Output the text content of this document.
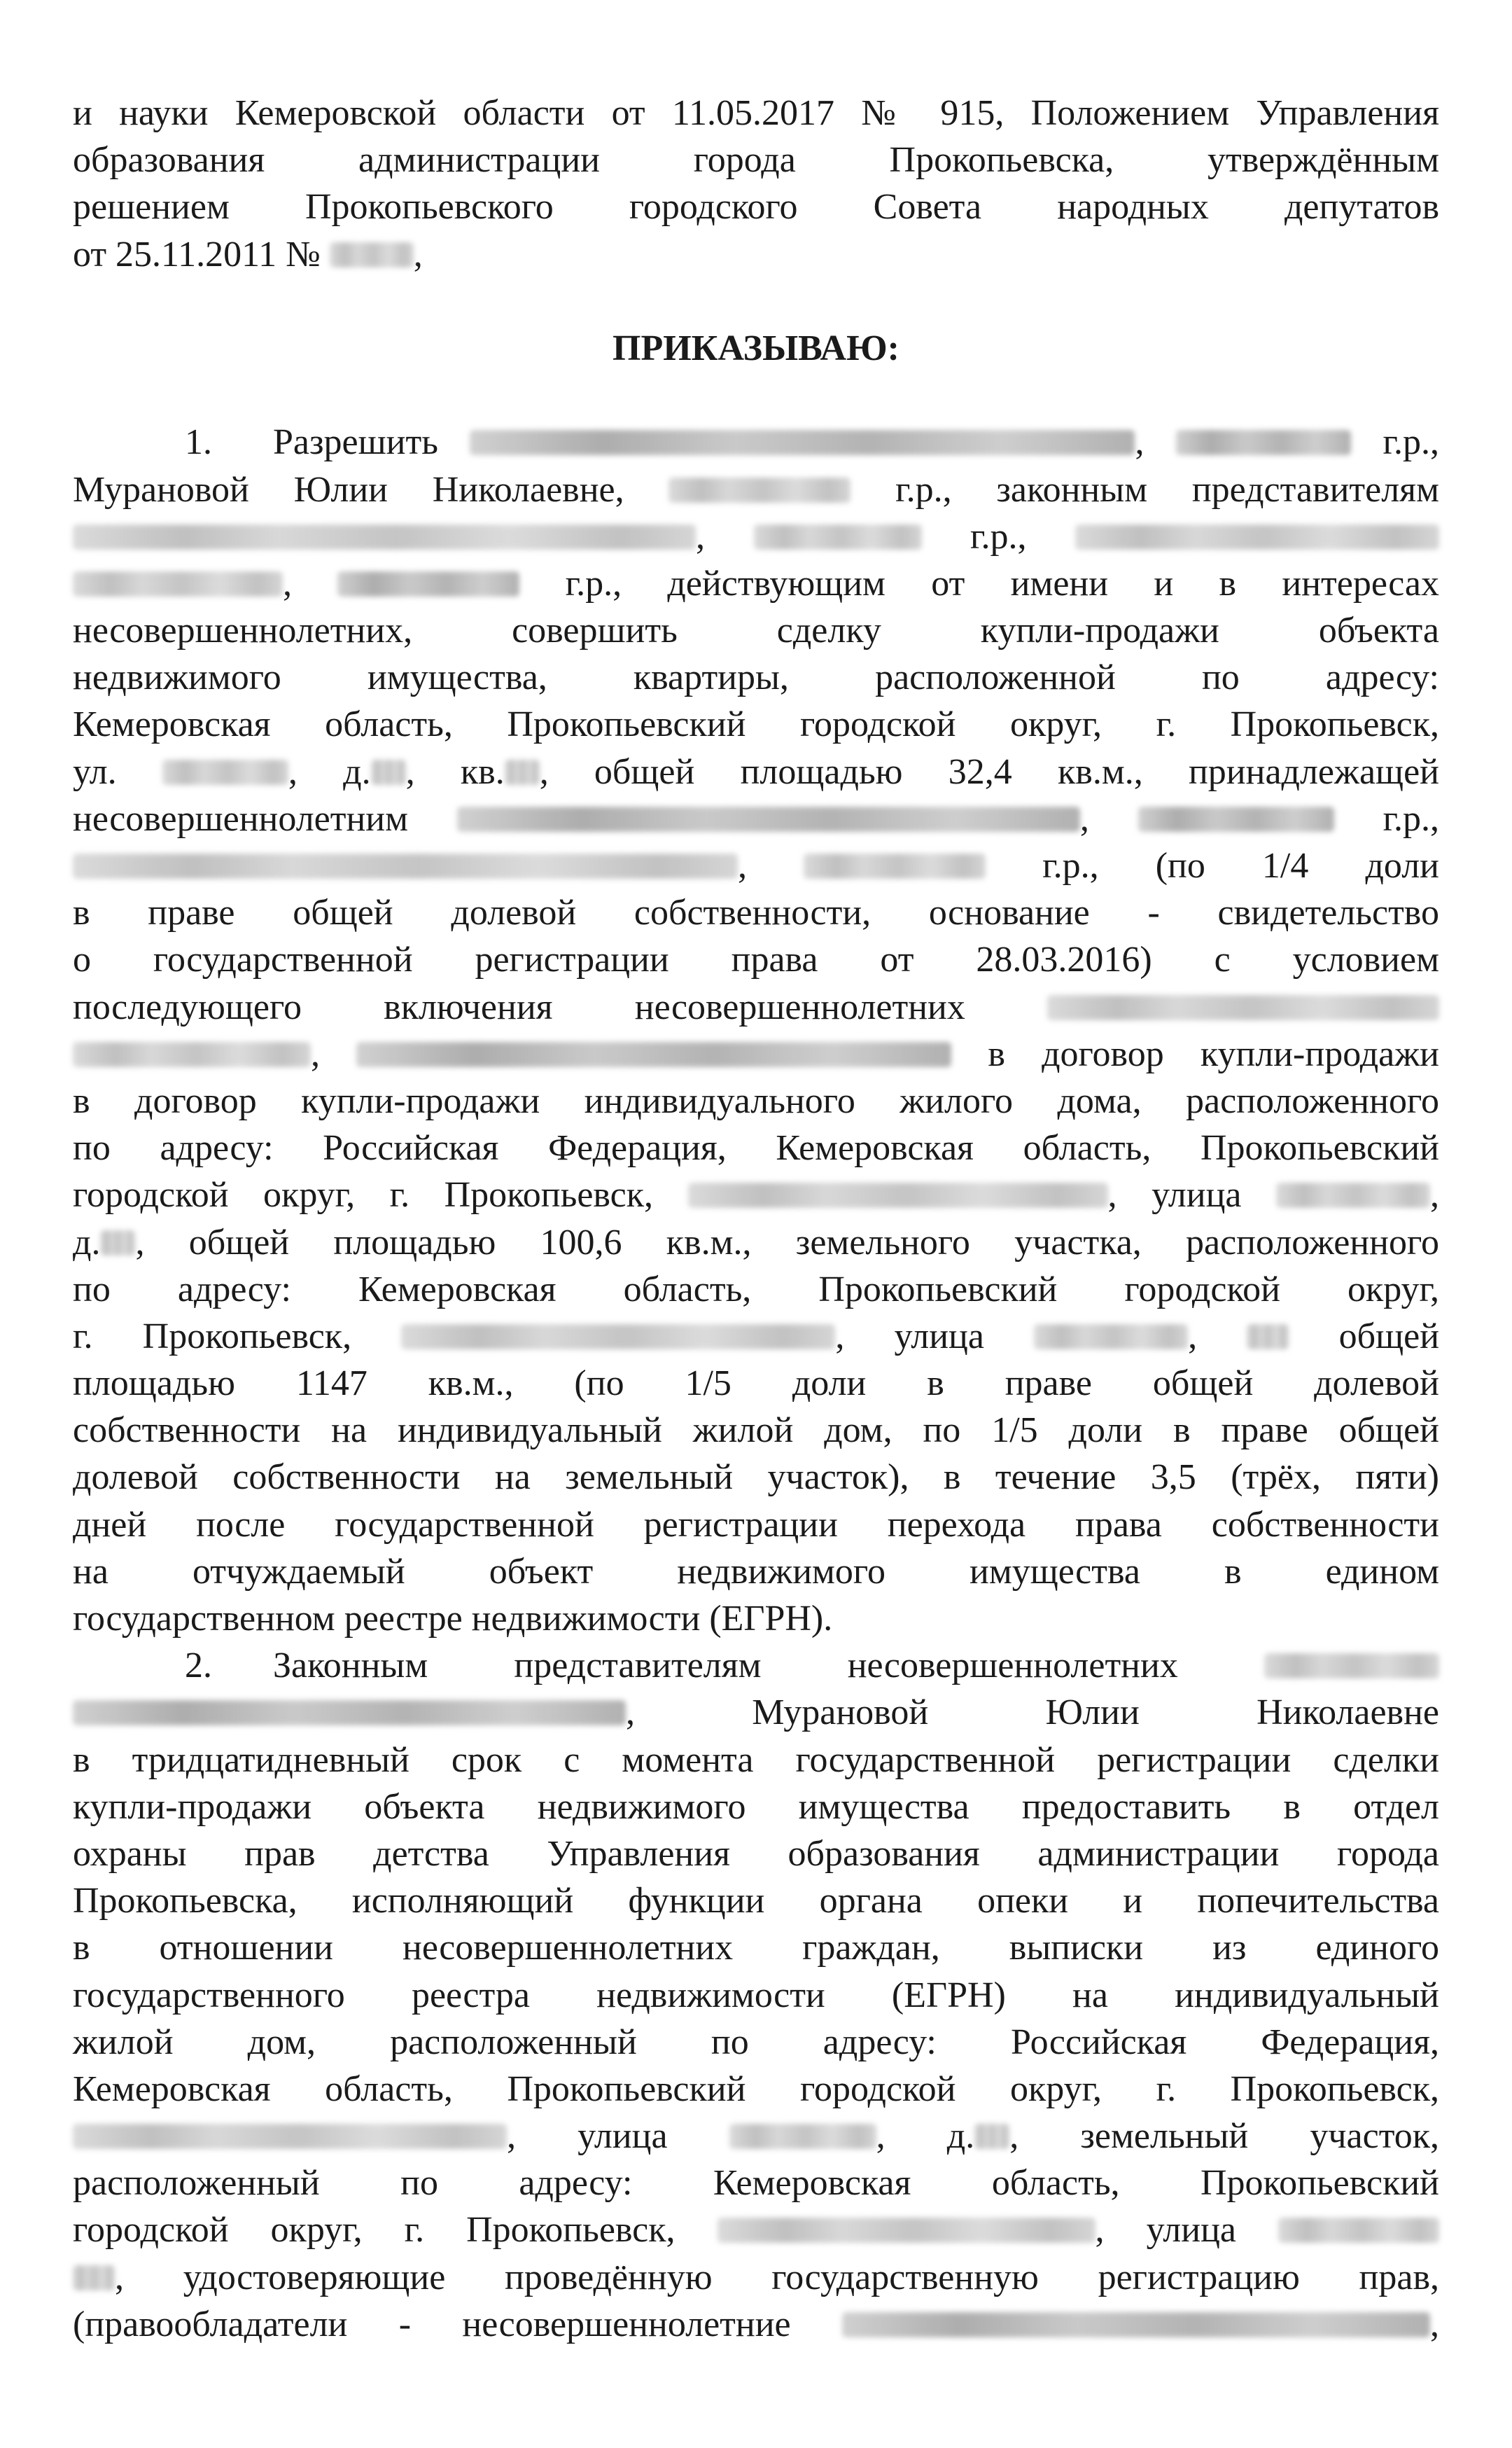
и науки Кемеровской области от 11.05.2017 № 915, Положением Управления
образования администрации города Прокопьевска, утверждённым
решением Прокопьевского городского Совета народных депутатов
от 25.11.2011 №	,
ПРИКАЗЫВАЮ:
1. Разрешить	,	г.р.,
Мурановой Юлии Николаевне,	г.р., законным представителям
,	г.р.,
,	г.р., действующим от имени и в интересах
несовершеннолетних, совершить сделку купли-продажи объекта
недвижимого имущества, квартиры, расположенной по адресу:
Кемеровская область, Прокопьевский городской округ, г. Прокопьевск,
ул.	, д. , кв. , общей площадью 32,4 кв.м., принадлежащей
несовершеннолетним	,	г.р.,
,	г.р., (по 1/4 доли
в праве общей долевой собственности, основание - свидетельство
о государственной регистрации права от 28.03.2016) с условием
последующего включения несовершеннолетних
,	в договор купли-продажи
в договор купли-продажи индивидуального жилого дома, расположенного
по адресу: Российская Федерация, Кемеровская область, Прокопьевский
городской округ, г. Прокопьевск,	, улица	,
д. , общей площадью 100,6 кв.м., земельного участка, расположенного
по адресу: Кемеровская область, Прокопьевский городской округ,
г. Прокопьевск,	, улица	,	общей
площадью 1147 кв.м., (по 1/5 доли в праве общей долевой
собственности на индивидуальный жилой дом, по 1/5 доли в праве общей
долевой собственности на земельный участок), в течение 3,5 (трёх, пяти)
дней после государственной регистрации перехода права собственности
на отчуждаемый объект недвижимого имущества в едином
государственном реестре недвижимости (ЕГРН).
2. Законным представителям несовершеннолетних
,	Мурановой Юлии Николаевне
в тридцатидневный срок с момента государственной регистрации сделки
купли-продажи объекта недвижимого имущества предоставить в отдел
охраны прав детства Управления образования администрации города
Прокопьевска, исполняющий функции органа опеки и попечительства
в отношении несовершеннолетних граждан, выписки из единого
государственного реестра недвижимости (ЕГРН) на индивидуальный
жилой дом, расположенный по адресу: Российская Федерация,
Кемеровская область, Прокопьевский городской округ, г. Прокопьевск,
, улица	, д. , земельный участок,
расположенный по адресу: Кемеровская область, Прокопьевский
городской округ, г. Прокопьевск,	, улица
, удостоверяющие проведённую государственную регистрацию прав,
(правообладатели - несовершеннолетние	,
